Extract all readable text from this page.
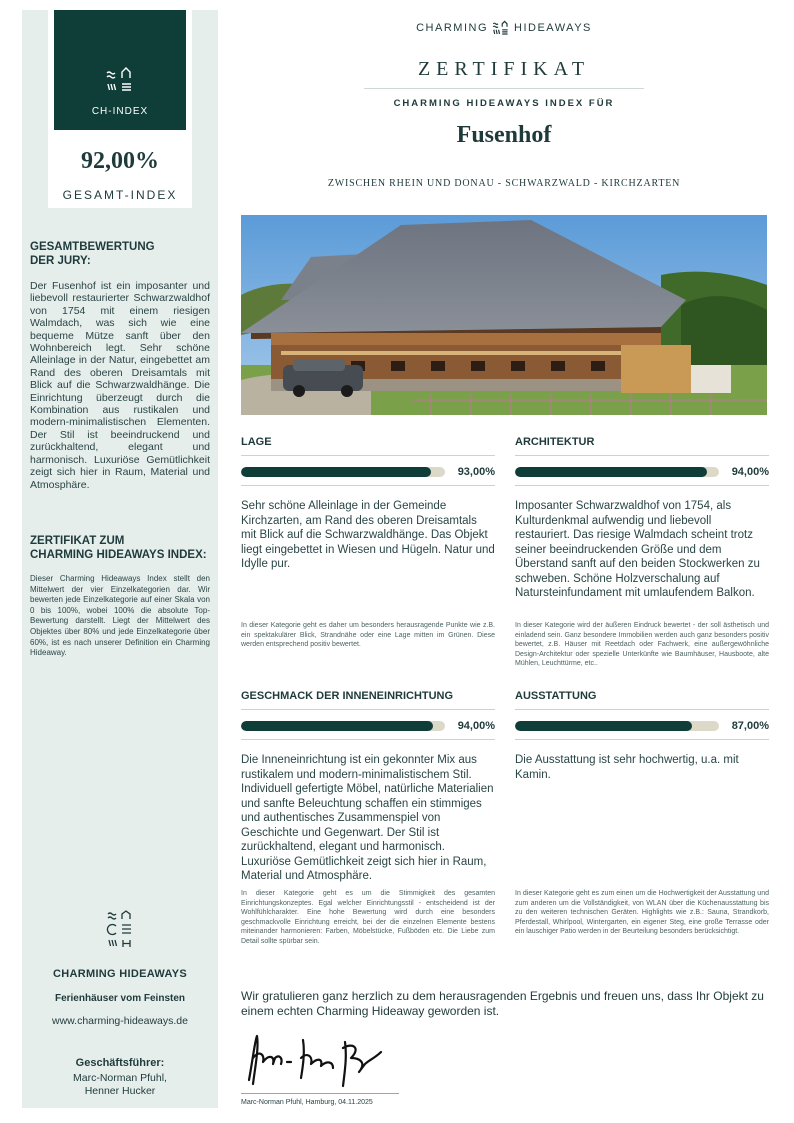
CH-INDEX
92,00%
GESAMT-INDEX
GESAMTBEWERTUNG
DER JURY:

Der Fusenhof ist ein imposanter und liebevoll restaurierter Schwarzwaldhof von 1754 mit einem riesigen Walmdach, was sich wie eine bequeme Mütze sanft über den Wohnbereich legt. Sehr schöne Alleinlage in der Natur, eingebettet am Rand des oberen Dreisamtals mit Blick auf die Schwarzwaldhänge. Die Einrichtung überzeugt durch die Kombination aus rustikalen und modern-minimalistischen Elementen. Der Stil ist beeindruckend und zurückhaltend, elegant und harmonisch. Luxuriöse Gemütlichkeit zeigt sich hier in Raum, Material und Atmosphäre.

ZERTIFIKAT ZUM
CHARMING HIDEAWAYS INDEX:

Dieser Charming Hideaways Index stellt den Mittelwert der vier Einzelkategorien dar. Wir bewerten jede Einzelkategorie auf einer Skala von 0 bis 100%, wobei 100% die absolute Top-Bewertung darstellt. Liegt der Mittelwert des Objektes über 80% und jede Einzelkategorie über 60%, ist es nach unserer Definition ein Charming Hideaway.

CHARMING HIDEAWAYS
Ferienhäuser vom Feinsten
www.charming-hideaways.de
Geschäftsführer:
Marc-Norman Pfuhl,
Henner Hucker
CHARMING HIDEAWAYS
ZERTIFIKAT
CHARMING HIDEAWAYS INDEX FÜR
Fusenhof
ZWISCHEN RHEIN UND DONAU - SCHWARZWALD - KIRCHZARTEN
LAGE
93,00%

Sehr schöne Alleinlage in der Gemeinde Kirchzarten, am Rand des oberen Dreisamtals mit Blick auf die Schwarzwaldhänge. Das Objekt liegt eingebettet in Wiesen und Hügeln. Natur und Idylle pur.

In dieser Kategorie geht es daher um besonders herausragende Punkte wie z.B. ein spektakulärer Blick, Strandnähe oder eine Lage mitten im Grünen. Diese werden entsprechend positiv bewertet.

ARCHITEKTUR
94,00%

Imposanter Schwarzwaldhof von 1754, als Kulturdenkmal aufwendig und liebevoll restauriert. Das riesige Walmdach scheint trotz seiner beeindruckenden Größe und dem Überstand sanft auf den beiden Stockwerken zu schweben. Schöne Holzverschalung auf Natursteinfundament mit umlaufendem Balkon.

In dieser Kategorie wird der äußeren Eindruck bewertet - der soll ästhetisch und einladend sein. Ganz besondere Immobilien werden auch ganz besonders positiv bewertet, z.B. Häuser mit Reetdach oder Fachwerk, eine außergewöhnliche Design-Architektur oder spezielle Unterkünfte wie Baumhäuser, Hausboote, alte Mühlen, Leuchttürme, etc..

GESCHMACK DER INNENEINRICHTUNG
94,00%

Die Inneneinrichtung ist ein gekonnter Mix aus rustikalem und modern-minimalistischem Stil. Individuell gefertigte Möbel, natürliche Materialien und sanfte Beleuchtung schaffen ein stimmiges und authentisches Zusammenspiel von Geschichte und Gegenwart. Der Stil ist zurückhaltend, elegant und harmonisch. Luxuriöse Gemütlichkeit zeigt sich hier in Raum, Material und Atmosphäre.

In dieser Kategorie geht es um die Stimmigkeit des gesamten Einrichtungskonzeptes. Egal welcher Einrichtungsstil - entscheidend ist der Wohlfühlcharakter. Eine hohe Bewertung wird durch eine besonders geschmackvolle Einrichtung erreicht, bei der die einzelnen Elemente bestens miteinander harmonieren: Farben, Möbelstücke, Fußböden etc. Die Liebe zum Detail sollte spürbar sein.

AUSSTATTUNG
87,00%

Die Ausstattung ist sehr hochwertig, u.a. mit Kamin.

In dieser Kategorie geht es zum einen um die Hochwertigkeit der Ausstattung und zum anderen um die Vollständigkeit, von WLAN über die Küchenausstattung bis zu den weiteren technischen Geräten. Highlights wie z.B.: Sauna, Strandkorb, Pferdestall, Whirlpool, Wintergarten, ein eigener Steg, eine große Terrasse oder ein lauschiger Patio werden in der Beurteilung besonders berücksichtigt.

Wir gratulieren ganz herzlich zu dem herausragenden Ergebnis und freuen uns, dass Ihr Objekt zu einem echten Charming Hideaway geworden ist.

Marc-Norman Pfuhl, Hamburg, 04.11.2025
